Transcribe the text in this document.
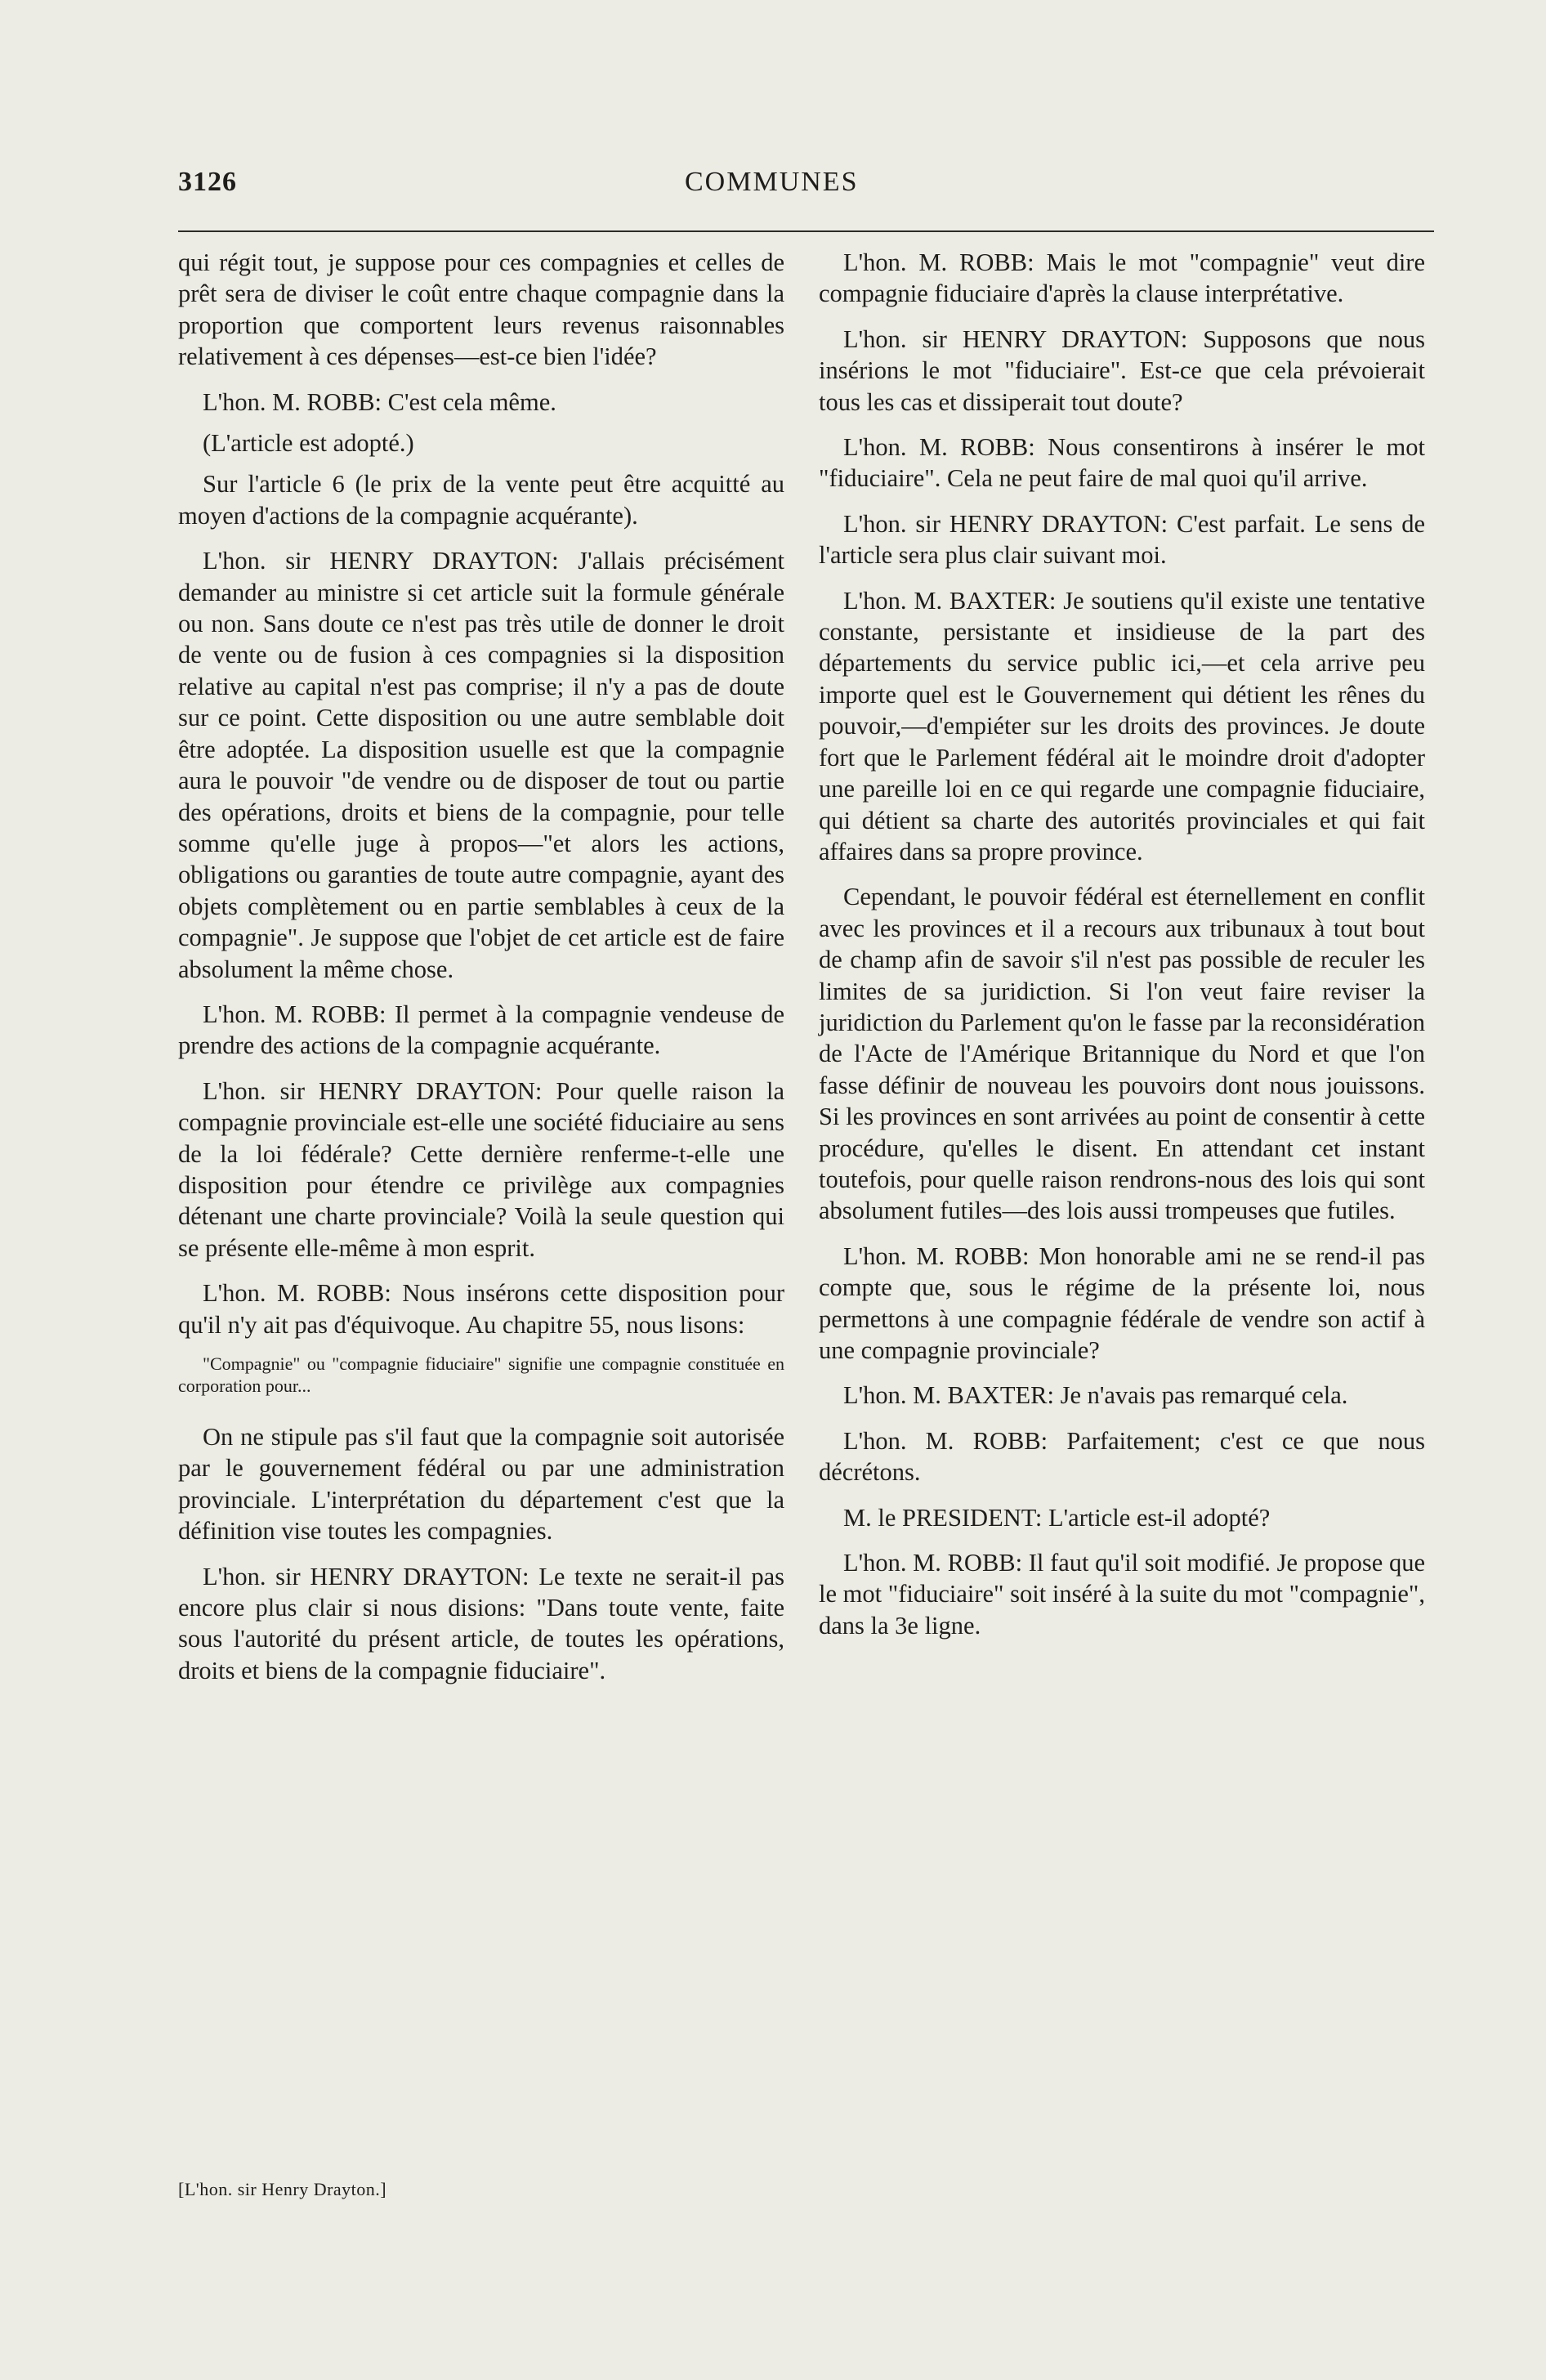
3126	COMMUNES

qui régit tout, je suppose pour ces compagnies et celles de prêt sera de diviser le coût entre chaque compagnie dans la proportion que comportent leurs revenus raisonnables relativement à ces dépenses—est-ce bien l'idée?

L'hon. M. ROBB: C'est cela même.

(L'article est adopté.)

Sur l'article 6 (le prix de la vente peut être acquitté au moyen d'actions de la compagnie acquérante).

L'hon. sir HENRY DRAYTON: J'allais précisément demander au ministre si cet article suit la formule générale ou non. Sans doute ce n'est pas très utile de donner le droit de vente ou de fusion à ces compagnies si la disposition relative au capital n'est pas comprise; il n'y a pas de doute sur ce point. Cette disposition ou une autre semblable doit être adoptée. La disposition usuelle est que la compagnie aura le pouvoir "de vendre ou de disposer de tout ou partie des opérations, droits et biens de la compagnie, pour telle somme qu'elle juge à propos—"et alors les actions, obligations ou garanties de toute autre compagnie, ayant des objets complètement ou en partie semblables à ceux de la compagnie". Je suppose que l'objet de cet article est de faire absolument la même chose.

L'hon. M. ROBB: Il permet à la compagnie vendeuse de prendre des actions de la compagnie acquérante.

L'hon. sir HENRY DRAYTON: Pour quelle raison la compagnie provinciale est-elle une société fiduciaire au sens de la loi fédérale? Cette dernière renferme-t-elle une disposition pour étendre ce privilège aux compagnies détenant une charte provinciale? Voilà la seule question qui se présente elle-même à mon esprit.

L'hon. M. ROBB: Nous insérons cette disposition pour qu'il n'y ait pas d'équivoque. Au chapitre 55, nous lisons:

"Compagnie" ou "compagnie fiduciaire" signifie une compagnie constituée en corporation pour...

On ne stipule pas s'il faut que la compagnie soit autorisée par le gouvernement fédéral ou par une administration provinciale. L'interprétation du département c'est que la définition vise toutes les compagnies.

L'hon. sir HENRY DRAYTON: Le texte ne serait-il pas encore plus clair si nous disions: "Dans toute vente, faite sous l'autorité du présent article, de toutes les opérations, droits et biens de la compagnie fiduciaire".

[L'hon. sir Henry Drayton.]

L'hon. M. ROBB: Mais le mot "compagnie" veut dire compagnie fiduciaire d'après la clause interprétative.

L'hon. sir HENRY DRAYTON: Supposons que nous insérions le mot "fiduciaire". Est-ce que cela prévoierait tous les cas et dissiperait tout doute?

L'hon. M. ROBB: Nous consentirons à insérer le mot "fiduciaire". Cela ne peut faire de mal quoi qu'il arrive.

L'hon. sir HENRY DRAYTON: C'est parfait. Le sens de l'article sera plus clair suivant moi.

L'hon. M. BAXTER: Je soutiens qu'il existe une tentative constante, persistante et insidieuse de la part des départements du service public ici,—et cela arrive peu importe quel est le Gouvernement qui détient les rênes du pouvoir,—d'empiéter sur les droits des provinces. Je doute fort que le Parlement fédéral ait le moindre droit d'adopter une pareille loi en ce qui regarde une compagnie fiduciaire, qui détient sa charte des autorités provinciales et qui fait affaires dans sa propre province.

Cependant, le pouvoir fédéral est éternellement en conflit avec les provinces et il a recours aux tribunaux à tout bout de champ afin de savoir s'il n'est pas possible de reculer les limites de sa juridiction. Si l'on veut faire reviser la juridiction du Parlement qu'on le fasse par la reconsidération de l'Acte de l'Amérique Britannique du Nord et que l'on fasse définir de nouveau les pouvoirs dont nous jouissons. Si les provinces en sont arrivées au point de consentir à cette procédure, qu'elles le disent. En attendant cet instant toutefois, pour quelle raison rendrons-nous des lois qui sont absolument futiles—des lois aussi trompeuses que futiles.

L'hon. M. ROBB: Mon honorable ami ne se rend-il pas compte que, sous le régime de la présente loi, nous permettons à une compagnie fédérale de vendre son actif à une compagnie provinciale?

L'hon. M. BAXTER: Je n'avais pas remarqué cela.

L'hon. M. ROBB: Parfaitement; c'est ce que nous décrétons.

M. le PRESIDENT: L'article est-il adopté?

L'hon. M. ROBB: Il faut qu'il soit modifié. Je propose que le mot "fiduciaire" soit inséré à la suite du mot "compagnie", dans la 3e ligne.
